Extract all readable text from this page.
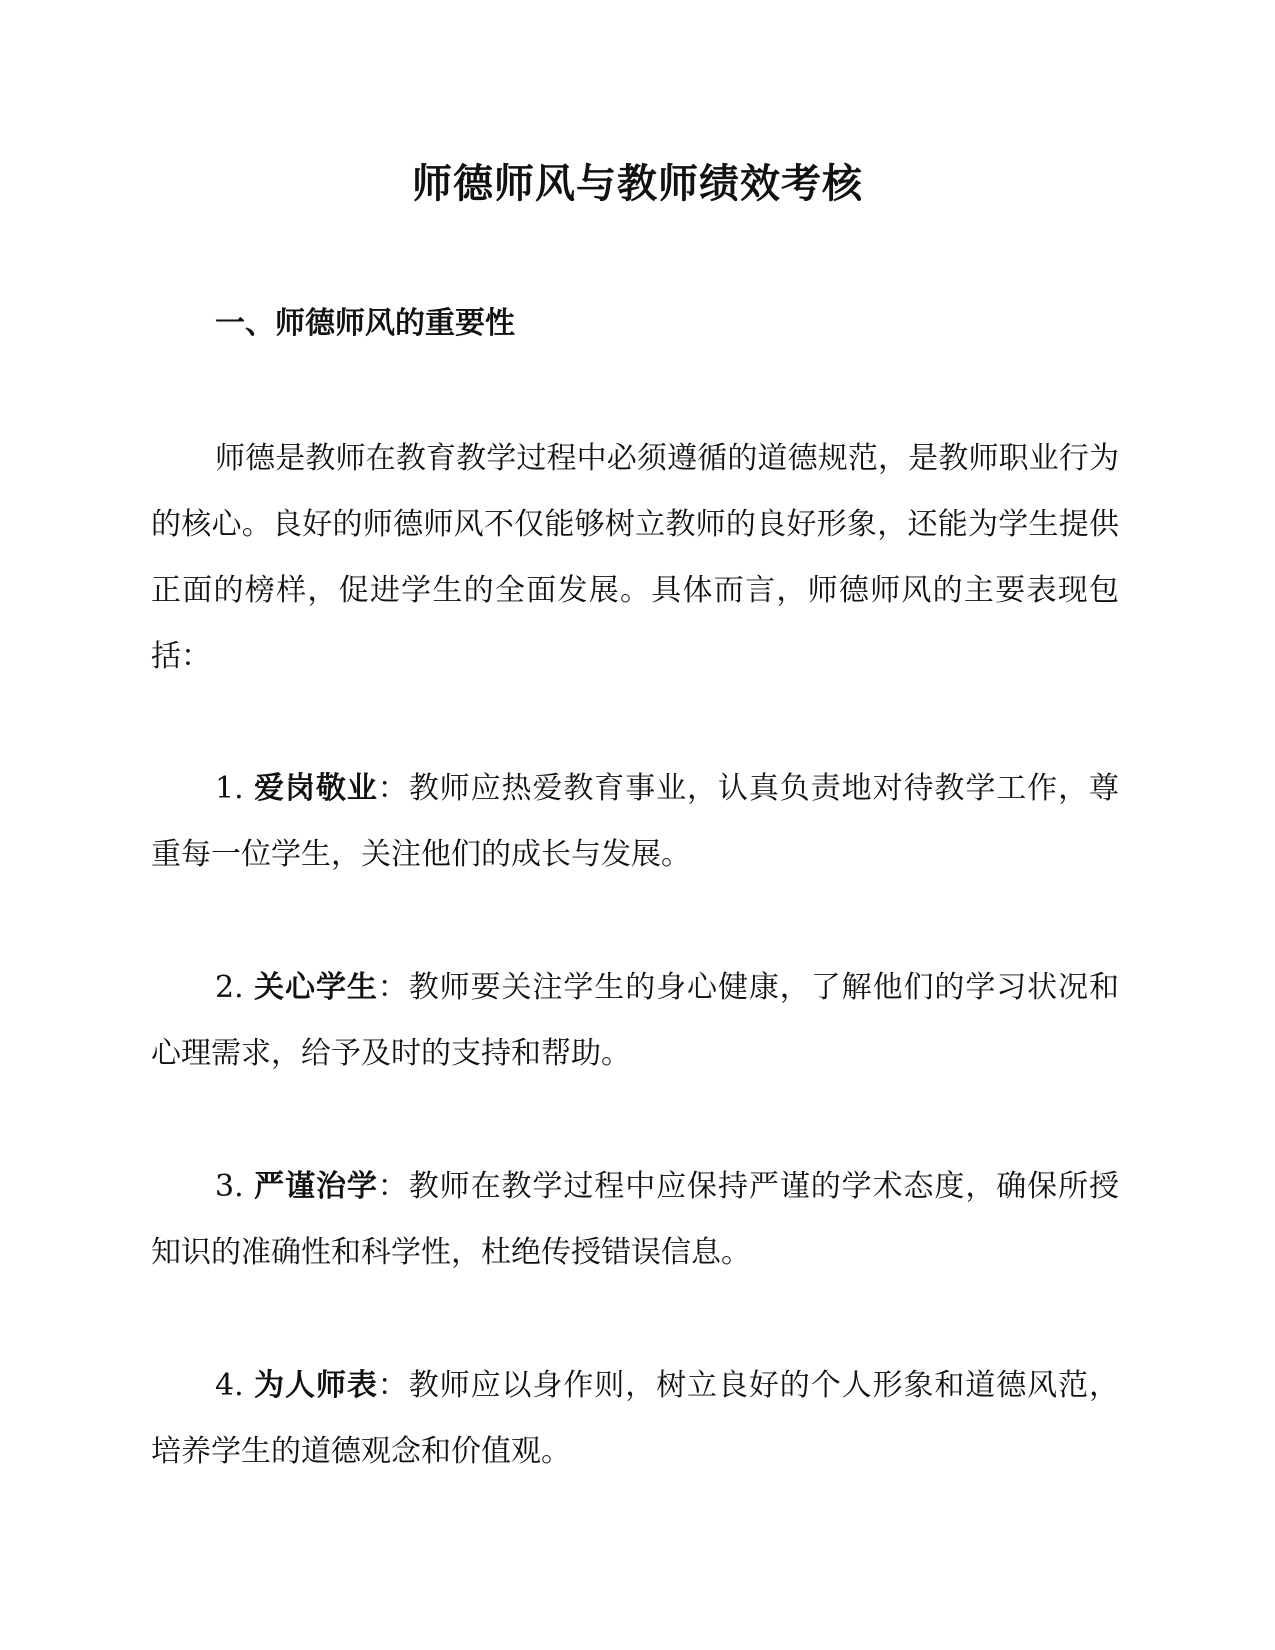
师德师风与教师绩效考核
一、师德师风的重要性

师德是教师在教育教学过程中必须遵循的道德规范，是教师职业行为的核心。良好的师德师风不仅能够树立教师的良好形象，还能为学生提供正面的榜样，促进学生的全面发展。具体而言，师德师风的主要表现包括：

1. 爱岗敬业：教师应热爱教育事业，认真负责地对待教学工作，尊重每一位学生，关注他们的成长与发展。

2. 关心学生：教师要关注学生的身心健康，了解他们的学习状况和心理需求，给予及时的支持和帮助。

3. 严谨治学：教师在教学过程中应保持严谨的学术态度，确保所授知识的准确性和科学性，杜绝传授错误信息。

4. 为人师表：教师应以身作则，树立良好的个人形象和道德风范，培养学生的道德观念和价值观。
